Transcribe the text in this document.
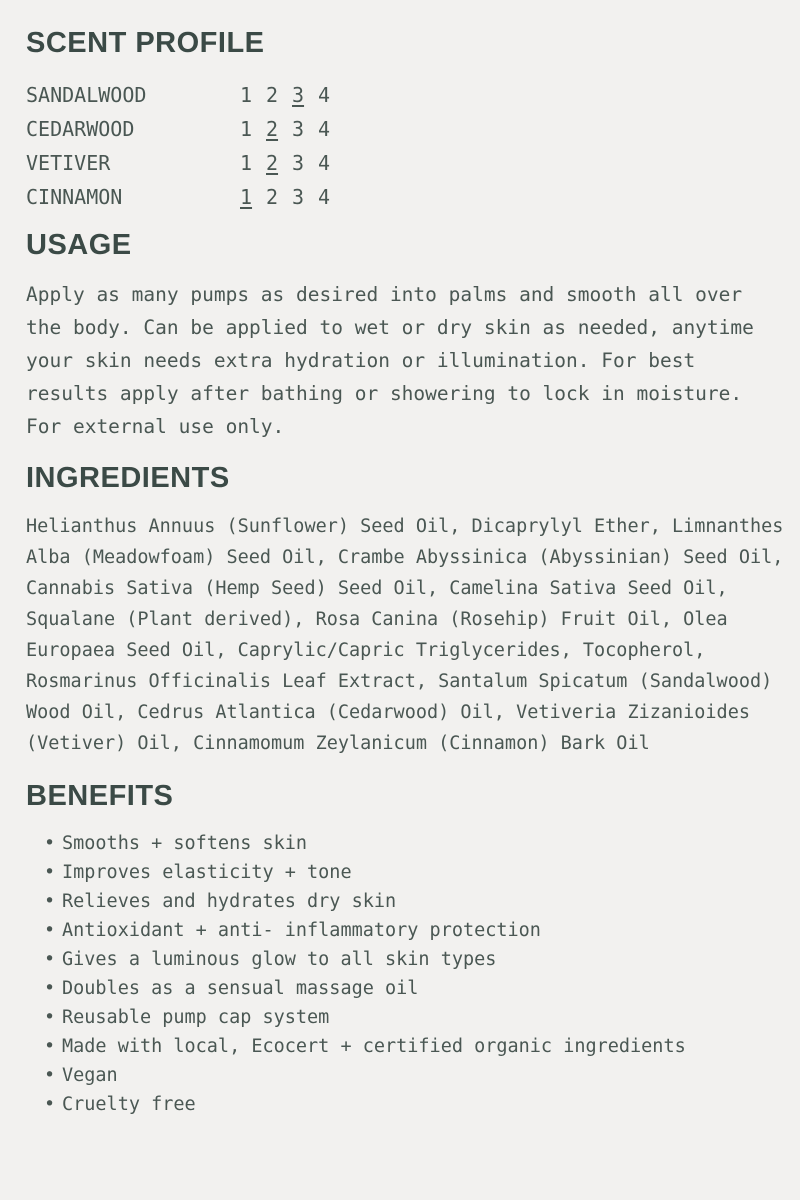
SCENT PROFILE
SANDALWOOD	1 2 3 4
CEDARWOOD	1 2 3 4
VETIVER	1 2 3 4
CINNAMON	1 2 3 4
USAGE

Apply as many pumps as desired into palms and smooth all over the body. Can be applied to wet or dry skin as needed, anytime your skin needs extra hydration or illumination. For best results apply after bathing or showering to lock in moisture.

For external use only.

INGREDIENTS

Helianthus Annuus (Sunflower) Seed Oil, Dicaprylyl Ether, Limnanthes Alba (Meadowfoam) Seed Oil, Crambe Abyssinica (Abyssinian) Seed Oil, Cannabis Sativa (Hemp Seed) Seed Oil, Camelina Sativa Seed Oil, Squalane (Plant derived), Rosa Canina (Rosehip) Fruit Oil, Olea Europaea Seed Oil, Caprylic/Capric Triglycerides, Tocopherol, Rosmarinus Officinalis Leaf Extract, Santalum Spicatum (Sandalwood) Wood Oil, Cedrus Atlantica (Cedarwood) Oil, Vetiveria Zizanioides (Vetiver) Oil, Cinnamomum Zeylanicum (Cinnamon) Bark Oil

BENEFITS
• Smooths + softens skin
• Improves elasticity + tone
• Relieves and hydrates dry skin
• Antioxidant + anti- inflammatory protection
• Gives a luminous glow to all skin types
• Doubles as a sensual massage oil
• Reusable pump cap system
• Made with local, Ecocert + certified organic ingredients
• Vegan
• Cruelty free
